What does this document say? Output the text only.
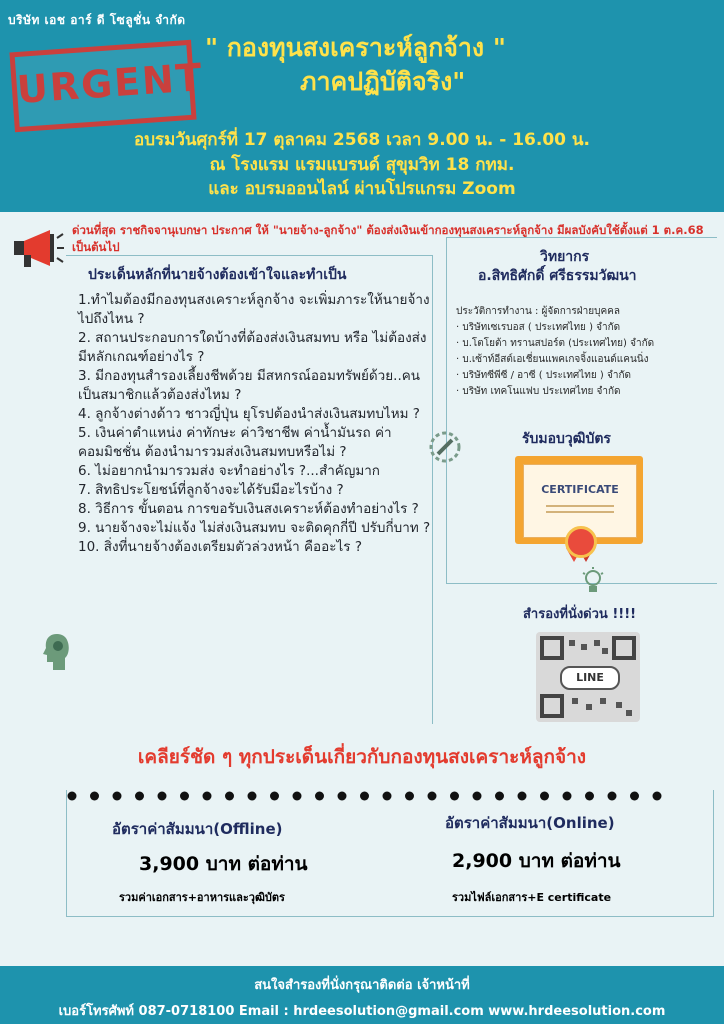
บริษัท เอช อาร์ ดี โซลูชั่น จำกัด
URGENT
" กองทุนสงเคราะห์ลูกจ้าง "
ภาคปฏิบัติจริง"
อบรมวันศุกร์ที่ 17 ตุลาคม 2568 เวลา 9.00 น. - 16.00 น.
ณ โรงแรม แรมแบรนด์ สุขุมวิท 18 กทม.
และ อบรมออนไลน์ ผ่านโปรแกรม Zoom
ด่วนที่สุด ราชกิจจานุเบกษา ประกาศ ให้ "นายจ้าง-ลูกจ้าง" ต้องส่งเงินเข้ากองทุนสงเคราะห์ลูกจ้าง มีผลบังคับใช้ตั้งแต่ 1 ต.ค.68 เป็นต้นไป
ประเด็นหลักที่นายจ้างต้องเข้าใจและทำเป็น
1.ทำไมต้องมีกองทุนสงเคราะห์ลูกจ้าง จะเพิ่มภาระให้นายจ้างไปถึงไหน ?
2. สถานประกอบการใดบ้างที่ต้องส่งเงินสมทบ หรือ ไม่ต้องส่ง มีหลักเกณฑ์อย่างไร ?
3. มีกองทุนสำรองเลี้ยงชีพด้วย มีสหกรณ์ออมทรัพย์ด้วย..คนเป็นสมาชิกแล้วต้องส่งไหม ?
4. ลูกจ้างต่างด้าว ชาวญี่ปุ่น ยุโรปต้องนำส่งเงินสมทบไหม ?
5. เงินค่าตำแหน่ง ค่าทักษะ ค่าวิชาชีพ ค่าน้ำมันรถ ค่าคอมมิชชั่น ต้องนำมารวมส่งเงินสมทบหรือไม่ ?
6. ไม่อยากนำมารวมส่ง จะทำอย่างไร ?...สำคัญมาก
7. สิทธิประโยชน์ที่ลูกจ้างจะได้รับมีอะไรบ้าง ?
8. วิธีการ ขั้นตอน การขอรับเงินสงเคราะห์ต้องทำอย่างไร ?
9. นายจ้างจะไม่แจ้ง ไม่ส่งเงินสมทบ จะติดคุกกี่ปี ปรับกี่บาท ?
10. สิ่งที่นายจ้างต้องเตรียมตัวล่วงหน้า คืออะไร ?
วิทยากร
อ.สิทธิศักดิ์ ศรีธรรมวัฒนา
ประวัติการทำงาน : ผู้จัดการฝ่ายบุคคล
· บริษัทเซเรบอส ( ประเทศไทย ) จำกัด
· บ.โตโยต้า ทรานสปอร์ต (ประเทศไทย) จำกัด
· บ.เซ้าท์อีสต์เอเชี่ยนแพคเกจจิ้งแอนด์แคนนิ่ง
· บริษัทซีพีซี / อาซี ( ประเทศไทย ) จำกัด
· บริษัท เทคโนแฟบ ประเทศไทย จำกัด
รับมอบวุฒิบัตร
CERTIFICATE
สำรองที่นั่งด่วน !!!!
LINE
เคลียร์ชัด ๆ ทุกประเด็นเกี่ยวกับกองทุนสงเคราะห์ลูกจ้าง
อัตราค่าสัมมนา(Offline)
3,900 บาท ต่อท่าน
รวมค่าเอกสาร+อาหารและวุฒิบัตร
อัตราค่าสัมมนา(Online)
2,900 บาท ต่อท่าน
รวมไฟล์เอกสาร+E certificate
สนใจสำรองที่นั่งกรุณาติดต่อ เจ้าหน้าที่
เบอร์โทรศัพท์ 087-0718100 Email : hrdeesolution@gmail.com www.hrdeesolution.com
